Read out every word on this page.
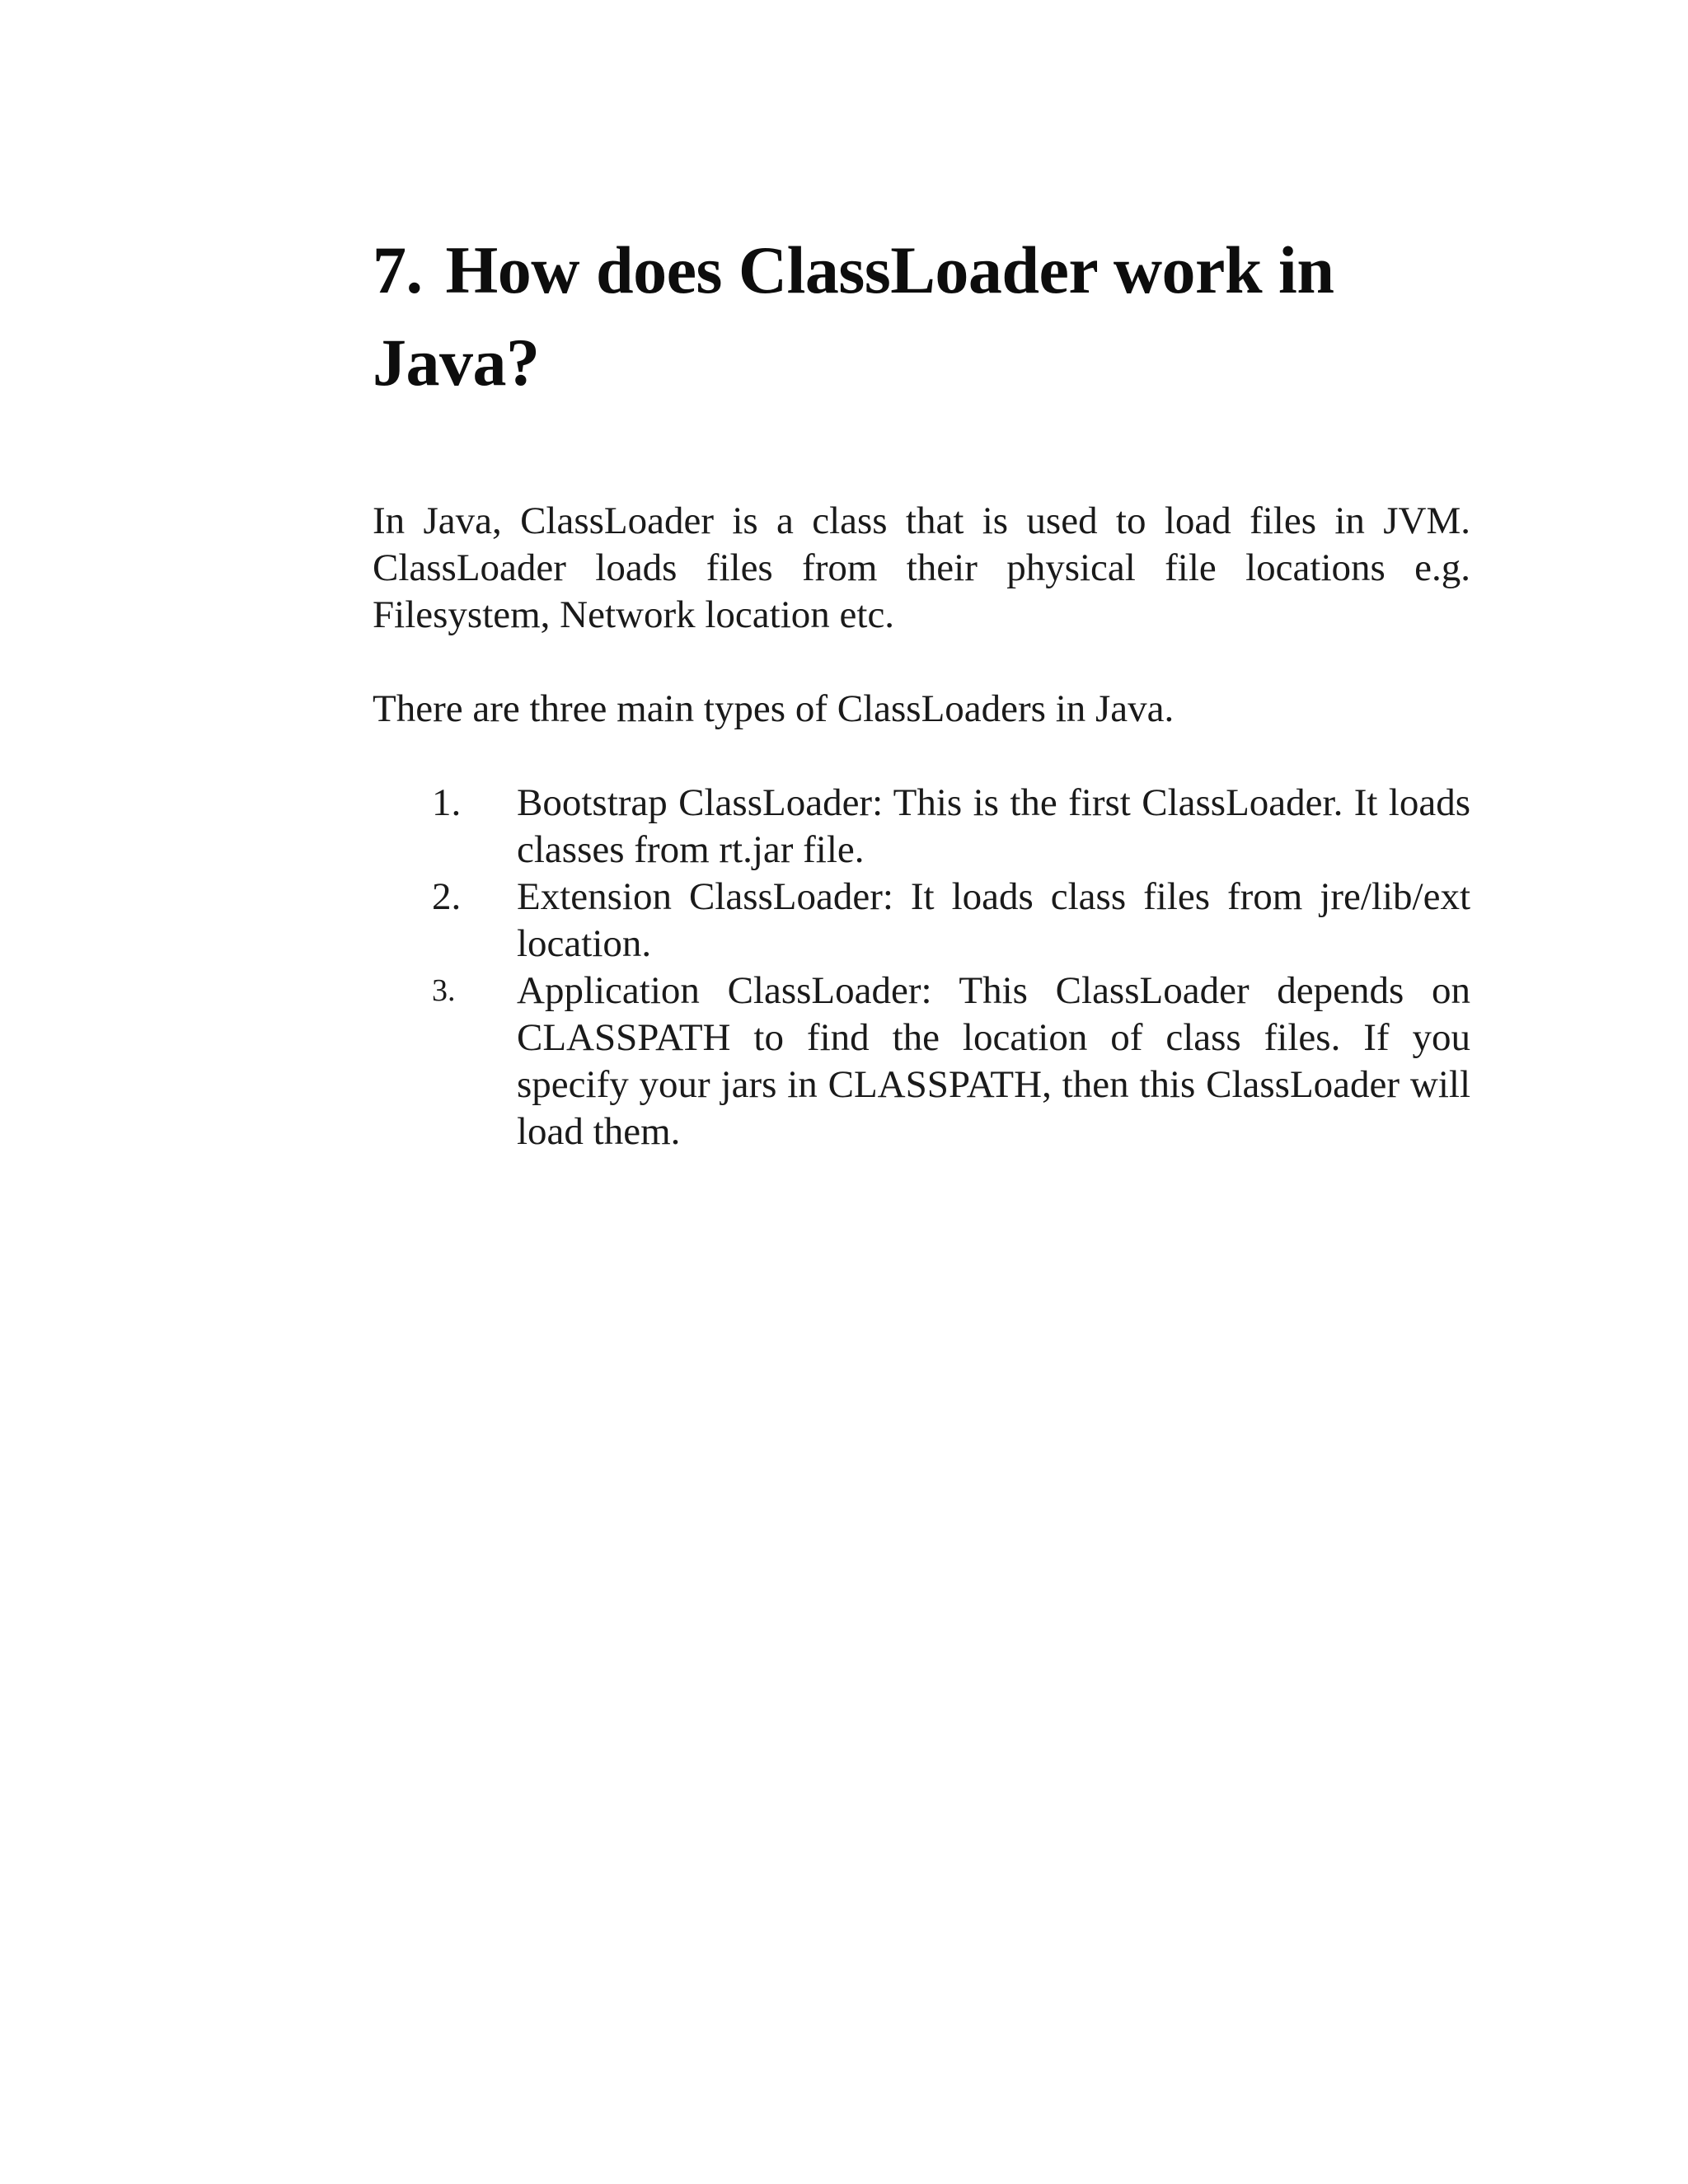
7. How does ClassLoader work in Java?

In Java, ClassLoader is a class that is used to load files in JVM. ClassLoader loads files from their physical file locations e.g. Filesystem, Network location etc.

There are three main types of ClassLoaders in Java.

1.	Bootstrap ClassLoader: This is the first ClassLoader. It loads classes from rt.jar file.
2.	Extension ClassLoader: It loads class files from jre/lib/ext location.
3.	Application ClassLoader: This ClassLoader depends on CLASSPATH to find the location of class files. If you specify your jars in CLASSPATH, then this ClassLoader will load them.
